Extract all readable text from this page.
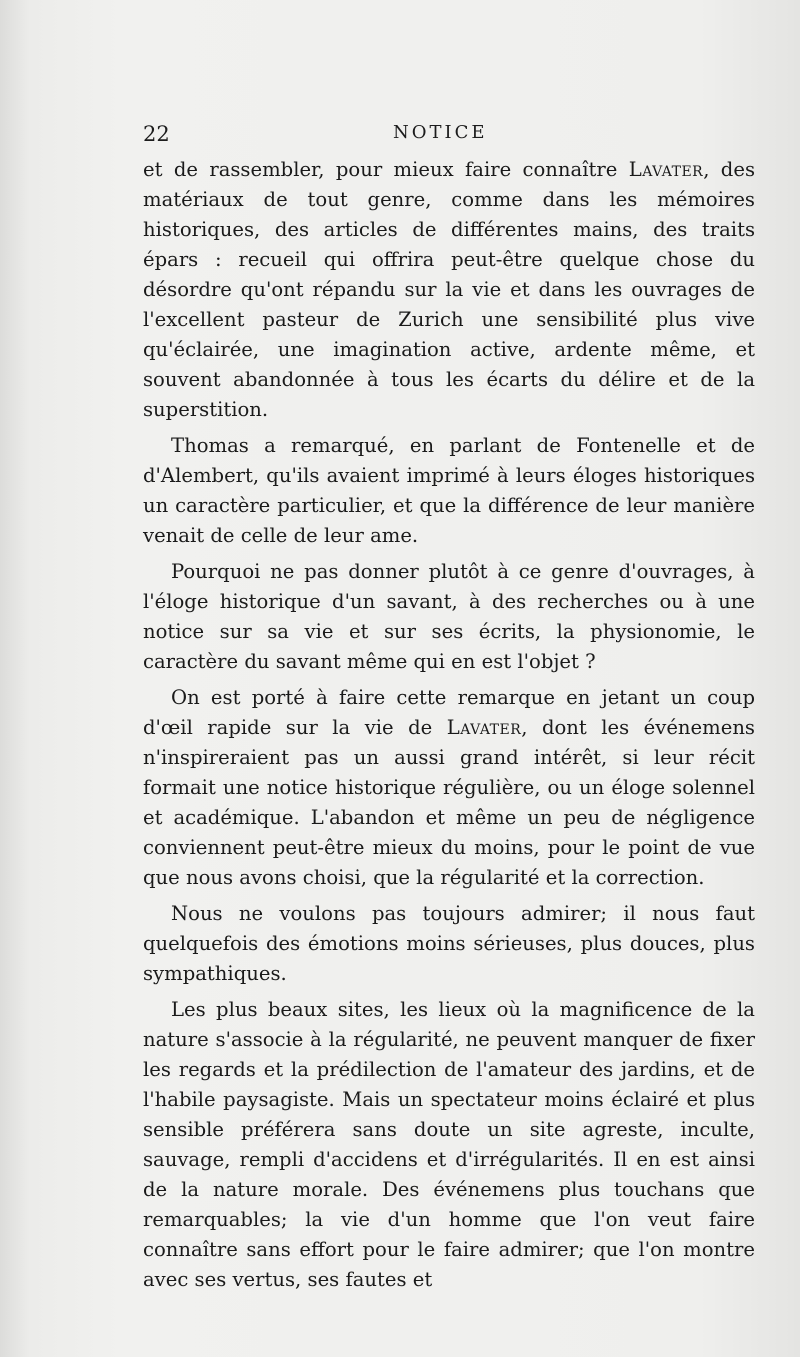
22	NOTICE

et de rassembler, pour mieux faire connaître Lavater, des matériaux de tout genre, comme dans les mémoires historiques, des articles de différentes mains, des traits épars : recueil qui offrira peut-être quelque chose du désordre qu'ont répandu sur la vie et dans les ouvrages de l'excellent pasteur de Zurich une sensibilité plus vive qu'éclairée, une imagination active, ardente même, et souvent abandonnée à tous les écarts du délire et de la superstition.

Thomas a remarqué, en parlant de Fontenelle et de d'Alembert, qu'ils avaient imprimé à leurs éloges historiques un caractère particulier, et que la différence de leur manière venait de celle de leur ame.

Pourquoi ne pas donner plutôt à ce genre d'ouvrages, à l'éloge historique d'un savant, à des recherches ou à une notice sur sa vie et sur ses écrits, la physionomie, le caractère du savant même qui en est l'objet ?

On est porté à faire cette remarque en jetant un coup d'œil rapide sur la vie de Lavater, dont les événemens n'inspireraient pas un aussi grand intérêt, si leur récit formait une notice historique régulière, ou un éloge solennel et académique. L'abandon et même un peu de négligence conviennent peut-être mieux du moins, pour le point de vue que nous avons choisi, que la régularité et la correction.

Nous ne voulons pas toujours admirer; il nous faut quelquefois des émotions moins sérieuses, plus douces, plus sympathiques.

Les plus beaux sites, les lieux où la magnificence de la nature s'associe à la régularité, ne peuvent manquer de fixer les regards et la prédilection de l'amateur des jardins, et de l'habile paysagiste. Mais un spectateur moins éclairé et plus sensible préférera sans doute un site agreste, inculte, sauvage, rempli d'accidens et d'irrégularités. Il en est ainsi de la nature morale. Des événemens plus touchans que remarquables; la vie d'un homme que l'on veut faire connaître sans effort pour le faire admirer; que l'on montre avec ses vertus, ses fautes et
